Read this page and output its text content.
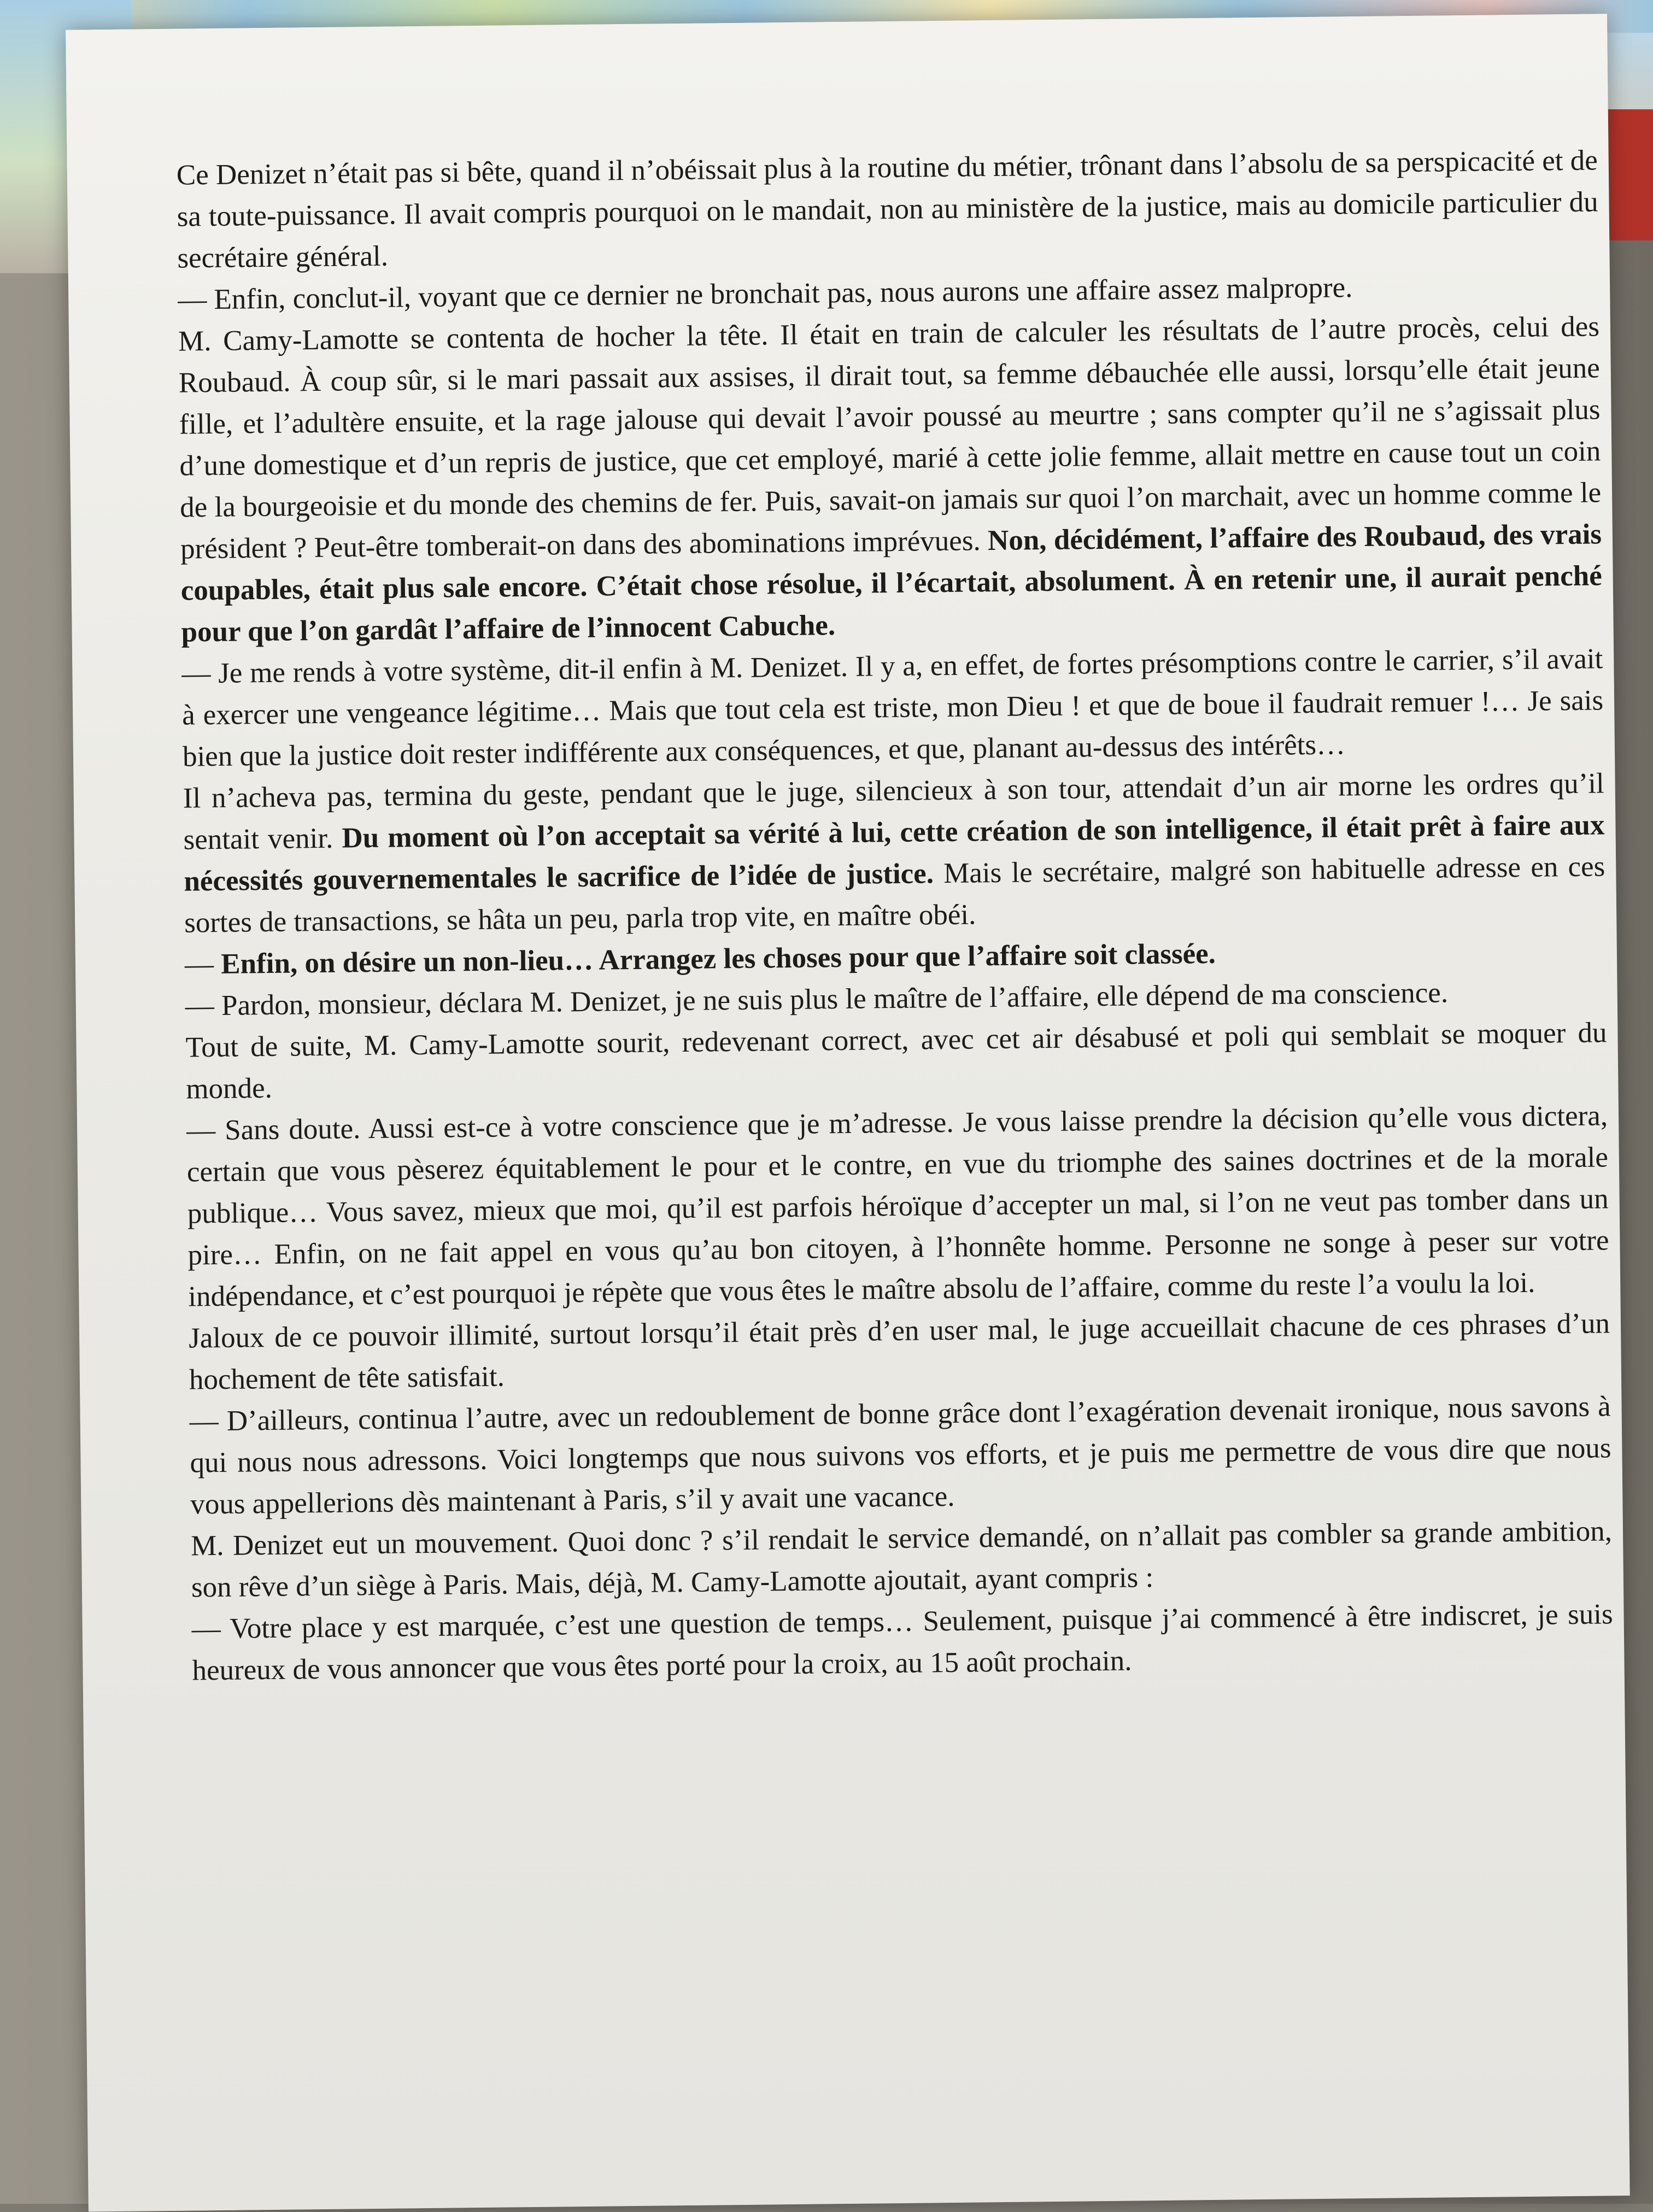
Ce Denizet n’était pas si bête, quand il n’obéissait plus à la routine du métier, trônant dans l’absolu de sa perspicacité et de sa toute-puissance. Il avait compris pourquoi on le mandait, non au ministère de la justice, mais au domicile particulier du secrétaire général.

— Enfin, conclut-il, voyant que ce dernier ne bronchait pas, nous aurons une affaire assez malpropre.

M. Camy-Lamotte se contenta de hocher la tête. Il était en train de calculer les résultats de l’autre procès, celui des Roubaud. À coup sûr, si le mari passait aux assises, il dirait tout, sa femme débauchée elle aussi, lorsqu’elle était jeune fille, et l’adultère ensuite, et la rage jalouse qui devait l’avoir poussé au meurtre ; sans compter qu’il ne s’agissait plus d’une domestique et d’un repris de justice, que cet employé, marié à cette jolie femme, allait mettre en cause tout un coin de la bourgeoisie et du monde des chemins de fer. Puis, savait-on jamais sur quoi l’on marchait, avec un homme comme le président ? Peut-être tomberait-on dans des abominations imprévues. Non, décidément, l’affaire des Roubaud, des vrais coupables, était plus sale encore. C’était chose résolue, il l’écartait, absolument. À en retenir une, il aurait penché pour que l’on gardât l’affaire de l’innocent Cabuche.

— Je me rends à votre système, dit-il enfin à M. Denizet. Il y a, en effet, de fortes présomptions contre le carrier, s’il avait à exercer une vengeance légitime… Mais que tout cela est triste, mon Dieu ! et que de boue il faudrait remuer !… Je sais bien que la justice doit rester indifférente aux conséquences, et que, planant au-dessus des intérêts…

Il n’acheva pas, termina du geste, pendant que le juge, silencieux à son tour, attendait d’un air morne les ordres qu’il sentait venir. Du moment où l’on acceptait sa vérité à lui, cette création de son intelligence, il était prêt à faire aux nécessités gouvernementales le sacrifice de l’idée de justice. Mais le secrétaire, malgré son habituelle adresse en ces sortes de transactions, se hâta un peu, parla trop vite, en maître obéi.

— Enfin, on désire un non-lieu… Arrangez les choses pour que l’affaire soit classée.

— Pardon, monsieur, déclara M. Denizet, je ne suis plus le maître de l’affaire, elle dépend de ma conscience.

Tout de suite, M. Camy-Lamotte sourit, redevenant correct, avec cet air désabusé et poli qui semblait se moquer du monde.

— Sans doute. Aussi est-ce à votre conscience que je m’adresse. Je vous laisse prendre la décision qu’elle vous dictera, certain que vous pèserez équitablement le pour et le contre, en vue du triomphe des saines doctrines et de la morale publique… Vous savez, mieux que moi, qu’il est parfois héroïque d’accepter un mal, si l’on ne veut pas tomber dans un pire… Enfin, on ne fait appel en vous qu’au bon citoyen, à l’honnête homme. Personne ne songe à peser sur votre indépendance, et c’est pourquoi je répète que vous êtes le maître absolu de l’affaire, comme du reste l’a voulu la loi.

Jaloux de ce pouvoir illimité, surtout lorsqu’il était près d’en user mal, le juge accueillait chacune de ces phrases d’un hochement de tête satisfait.

— D’ailleurs, continua l’autre, avec un redoublement de bonne grâce dont l’exagération devenait ironique, nous savons à qui nous nous adressons. Voici longtemps que nous suivons vos efforts, et je puis me permettre de vous dire que nous vous appellerions dès maintenant à Paris, s’il y avait une vacance.

M. Denizet eut un mouvement. Quoi donc ? s’il rendait le service demandé, on n’allait pas combler sa grande ambition, son rêve d’un siège à Paris. Mais, déjà, M. Camy-Lamotte ajoutait, ayant compris :

— Votre place y est marquée, c’est une question de temps… Seulement, puisque j’ai commencé à être indiscret, je suis heureux de vous annoncer que vous êtes porté pour la croix, au 15 août prochain.
